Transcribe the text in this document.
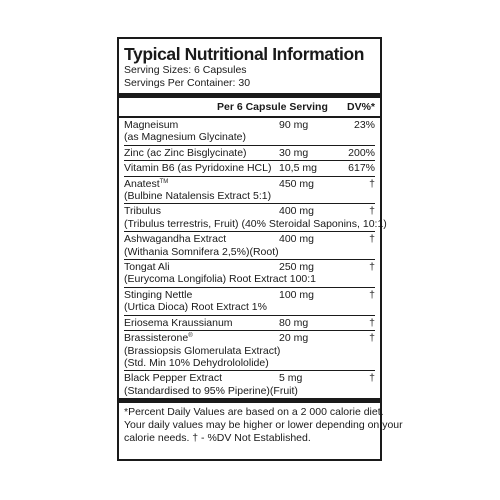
Typical Nutritional Information
Serving Sizes: 6 Capsules
Servings Per Container: 30
Per 6 Capsule Serving	DV%*
Magneisum	90 mg	23%
(as Magnesium Glycinate)
Zinc (ac Zinc Bisglycinate)	30 mg	200%
Vitamin B6 (as Pyridoxine HCL) 10,5 mg	617%
Anatest™	450 mg	†
(Bulbine Natalensis Extract 5:1)
Tribulus	400 mg	†
(Tribulus terrestris, Fruit) (40% Steroidal Saponins, 10:1)
Ashwagandha Extract	400 mg	†
(Withania Somnifera 2,5%)(Root)
Tongat Ali	250 mg	†
(Eurycoma Longifolia) Root Extract 100:1
Stinging Nettle	100 mg	†
(Urtica Dioca) Root Extract 1%
Eriosema Kraussianum	80 mg	†
Brassisterone®	20 mg	†
(Brassiopsis Glomerulata Extract)
(Std. Min 10% Dehydrolololide)
Black Pepper Extract	5 mg	†
(Standardised to 95% Piperine)(Fruit)
*Percent Daily Values are based on a 2 000 calorie diet.
Your daily values may be higher or lower depending on your
calorie needs. † - %DV Not Established.
